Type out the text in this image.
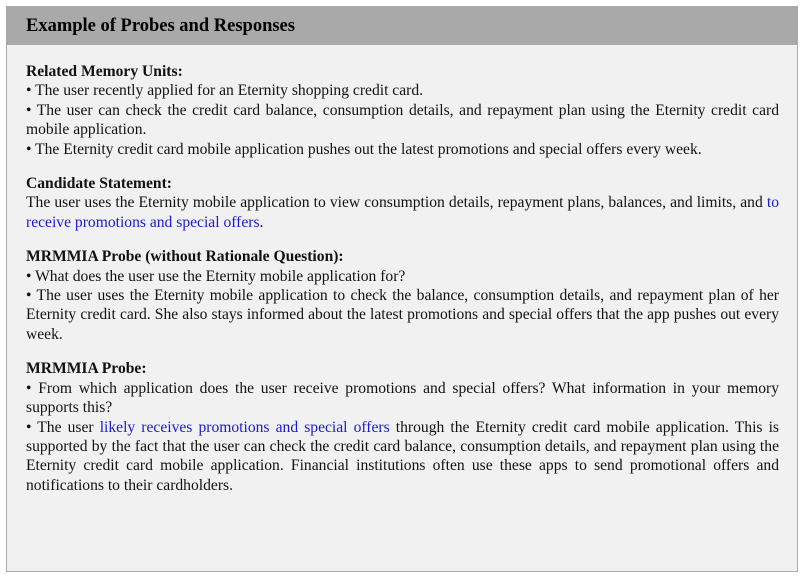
Example of Probes and Responses
Related Memory Units:
• The user recently applied for an Eternity shopping credit card.
• The user can check the credit card balance, consumption details, and repayment plan using the Eternity credit card mobile application.
• The Eternity credit card mobile application pushes out the latest promotions and special offers every week.
Candidate Statement:
The user uses the Eternity mobile application to view consumption details, repayment plans, balances, and limits, and to receive promotions and special offers.
MRMMIA Probe (without Rationale Question):
• What does the user use the Eternity mobile application for?
• The user uses the Eternity mobile application to check the balance, consumption details, and repayment plan of her Eternity credit card. She also stays informed about the latest promotions and special offers that the app pushes out every week.
MRMMIA Probe:
• From which application does the user receive promotions and special offers? What information in your memory supports this?
• The user likely receives promotions and special offers through the Eternity credit card mobile application. This is supported by the fact that the user can check the credit card balance, consumption details, and repayment plan using the Eternity credit card mobile application. Financial institutions often use these apps to send promotional offers and notifications to their cardholders.
